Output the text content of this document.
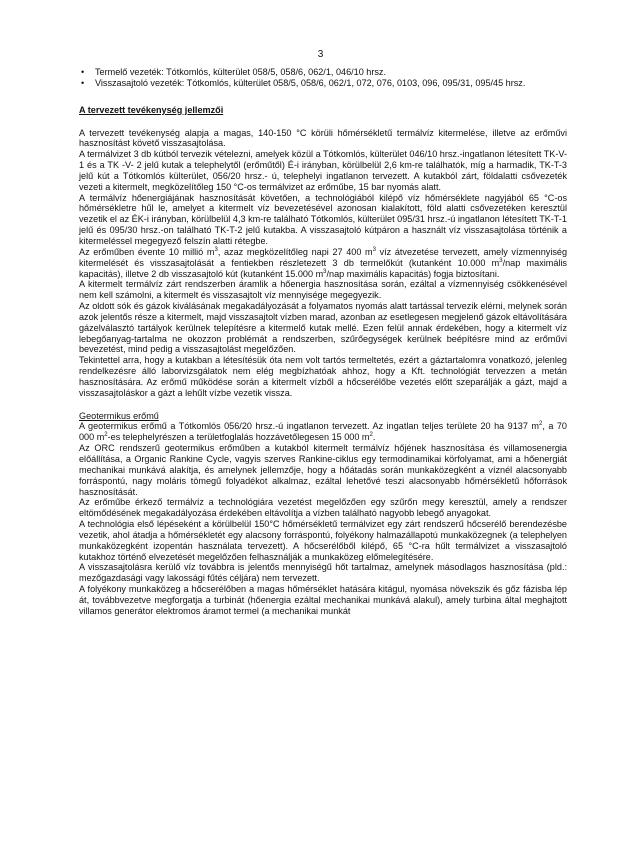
3
• Termelő vezeték: Tótkomlós, külterület 058/5, 058/6, 062/1, 046/10 hrsz.
• Visszasajtoló vezeték: Tótkomlós, külterület 058/5, 058/6, 062/1, 072, 076, 0103, 096, 095/31, 095/45 hrsz.
A tervezett tevékenység jellemzői

A tervezett tevékenység alapja a magas, 140-150 °C körüli hőmérsékletű termálvíz kitermelése, illetve az erőművi hasznosítást követő visszasajtolása.

A termálvizet 3 db kútból tervezik vételezni, amelyek közül a Tótkomlós, külterület 046/10 hrsz.-ingatlanon létesített TK-V-1 és a TK -V- 2 jelű kutak a telephelytől (erőműtől) É-i irányban, körülbelül 2,6 km-re találhatók, míg a harmadik, TK-T-3 jelű kút a Tótkomlós külterület, 056/20 hrsz.- ú, telephelyi ingatlanon tervezett. A kutakból zárt, földalatti csővezeték vezeti a kitermelt, megközelítőleg 150 °C-os termálvizet az erőműbe, 15 bar nyomás alatt.

A termálvíz hőenergiájának hasznosítását követően, a technológiából kilépő víz hőmérséklete nagyjából 65 °C-os hőmérsékletre hűl le, amelyet a kitermelt víz bevezetésével azonosan kialakított, föld alatti csővezetéken keresztül vezetik el az ÉK-i irányban, körülbelül 4,3 km-re található Tótkomlós, külterület 095/31 hrsz.-ú ingatlanon létesített TK-T-1 jelű és 095/30 hrsz.-on található TK-T-2 jelű kutakba. A visszasajtoló kútpáron a használt víz visszasajtolása történik a kitermeléssel megegyező felszín alatti rétegbe.

Az erőműben évente 10 millió $m^3$, azaz megközelítőleg napi 27 400 $m^3$ víz átvezetése tervezett, amely vízmennyiség kitermelését és visszasajtolását a fentiekben részletezett 3 db termelőkút (kutanként 10.000 $m^3$/nap maximális kapacitás), illetve 2 db visszasajtoló kút (kutanként 15.000 $m^3$/nap maximális kapacitás) fogja biztosítani.

A kitermelt termálvíz zárt rendszerben áramlik a hőenergia hasznosítása során, ezáltal a vízmennyiség csökkenésével nem kell számolni, a kitermelt és visszasajtolt víz mennyisége megegyezik.

Az oldott sók és gázok kiválásának megakadályozását a folyamatos nyomás alatt tartással tervezik elérni, melynek során azok jelentős része a kitermelt, majd visszasajtolt vízben marad, azonban az esetlegesen megjelenő gázok eltávolítására gázelválasztó tartályok kerülnek telepítésre a kitermelő kutak mellé. Ezen felül annak érdekében, hogy a kitermelt víz lebegőanyag-tartalma ne okozzon problémát a rendszerben, szűrőegységek kerülnek beépítésre mind az erőművi bevezetést, mind pedig a visszasajtolást megelőzően.

Tekintettel arra, hogy a kutakban a létesítésük óta nem volt tartós termeltetés, ezért a gáztartalomra vonatkozó, jelenleg rendelkezésre álló laborvizsgálatok nem elég megbízhatóak ahhoz, hogy a Kft. technológiát tervezzen a metán hasznosítására. Az erőmű működése során a kitermelt vízből a hőcserélőbe vezetés előtt szeparálják a gázt, majd a visszasajtoláskor a gázt a lehűlt vízbe vezetik vissza.

Geotermikus erőmű

A geotermikus erőmű a Tótkomlós 056/20 hrsz.-ú ingatlanon tervezett. Az ingatlan teljes területe 20 ha 9137 $m^2$, a 70 000 $m^2-es$ telephelyrészen a területfoglalás hozzávetőlegesen 15 000 $m^2$.

Az ORC rendszerű geotermikus erőműben a kutakból kitermelt termálvíz hőjének hasznosítása és villamosenergia előállítása, a Organic Rankine Cycle, vagyis szerves Rankine-ciklus egy termodinamikai körfolyamat, ami a hőenergiát mechanikai munkává alakítja, és amelynek jellemzője, hogy a hőátadás során munkaközegként a víznél alacsonyabb forráspontú, nagy moláris tömegű folyadékot alkalmaz, ezáltal lehetővé teszi alacsonyabb hőmérsékletű hőforrások hasznosítását.

Az erőműbe érkező termálvíz a technológiára vezetést megelőzően egy szűrőn megy keresztül, amely a rendszer eltömődésének megakadályozása érdekében eltávolítja a vízben található nagyobb lebegő anyagokat.

A technológia első lépéseként a körülbelül 150°C hőmérsékletű termálvizet egy zárt rendszerű hőcserélő berendezésbe vezetik, ahol átadja a hőmérsékletét egy alacsony forráspontú, folyékony halmazállapotú munkaközegnek (a telephelyen munkaközegként izopentán használata tervezett). A hőcserélőből kilépő, 65 °C-ra hűlt termálvizet a visszasajtoló kutakhoz történő elvezetését megelőzően felhasználják a munkaközeg előmelegítésére.

A visszasajtolásra kerülő víz továbbra is jelentős mennyiségű hőt tartalmaz, amelynek másodlagos hasznosítása (pld.: mezőgazdasági vagy lakossági fűtés céljára) nem tervezett.

A folyékony munkaközeg a hőcserélőben a magas hőmérséklet hatására kitágul, nyomása növekszik és gőz fázisba lép át, továbbvezetve megforgatja a turbinát (hőenergia ezáltal mechanikai munkává alakul), amely turbina által meghajtott villamos generátor elektromos áramot termel (a mechanikai munkát
